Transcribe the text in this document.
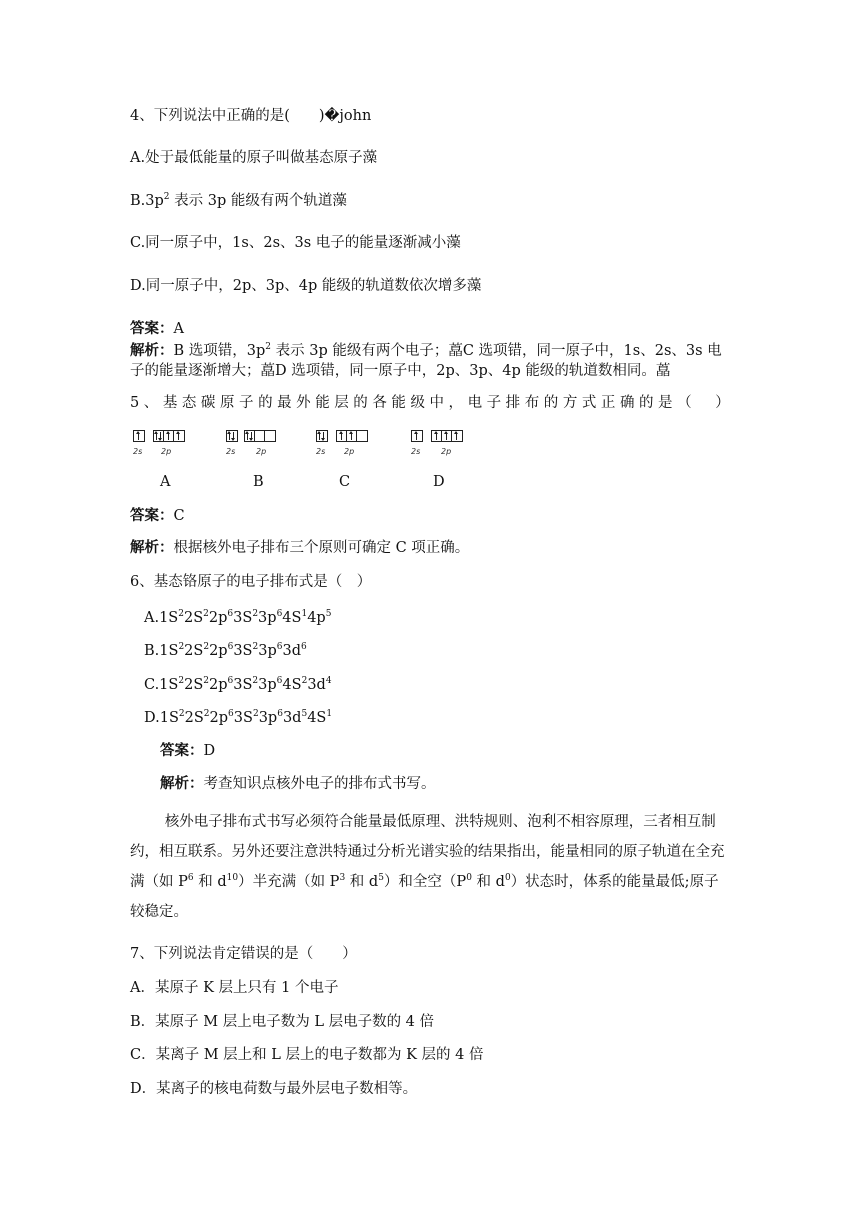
4、下列说法中正确的是(　　)�john
A.处于最低能量的原子叫做基态原子藻
$B.3p^2$ 表示 3p 能级有两个轨道藻
C.同一原子中，1s、2s、3s 电子的能量逐渐减小藻
D.同一原子中，2p、3p、4p 能级的轨道数依次增多藻
答案：A
解析：B 选项错，$3p^2$ 表示 3p 能级有两个电子；藠C 选项错，同一原子中，1s、2s、3s 电子的能量逐渐增大；藠D 选项错，同一原子中，2p、3p、4p 能级的轨道数相同。藠
5 、 基 态 碳 原 子 的 最 外 能 层 的 各 能 级 中 ， 电 子 排 布 的 方 式 正 确 的 是 （
　 ）
2s 2p	2s	2p	2s 2p	2s	2p
A	B	C	D
答案：C
解析：根据核外电子排布三个原则可确定 C 项正确。
6、基态铬原子的电子排布式是（　）
$A.1S^22S^22p^63S^23p^64S^14p^5$
$B.1S^22S^22p^63S^23p^63d^6$
$C.1S^22S^22p^63S^23p^64S^23d^4$
$D.1S^22S^22p^63S^23p^63d^54S^1$
答案：D
解析：考查知识点核外电子的排布式书写。
核外电子排布式书写必须符合能量最低原理、洪特规则、泡利不相容原理，三者相互制约，相互联系。另外还要注意洪特通过分析光谱实验的结果指出，能量相同的原子轨道在全充满（如 $P^6$ 和 $d^{10}$）半充满（如 $P^3$ 和 $d^5$）和全空（$P^0$ 和 $d^0$）状态时，体系的能量最低;原子较稳定。
7、下列说法肯定错误的是（　　）
A．某原子 K 层上只有 1 个电子
B．某原子 M 层上电子数为 L 层电子数的 4 倍
C．某离子 M 层上和 L 层上的电子数都为 K 层的 4 倍
D．某离子的核电荷数与最外层电子数相等。
